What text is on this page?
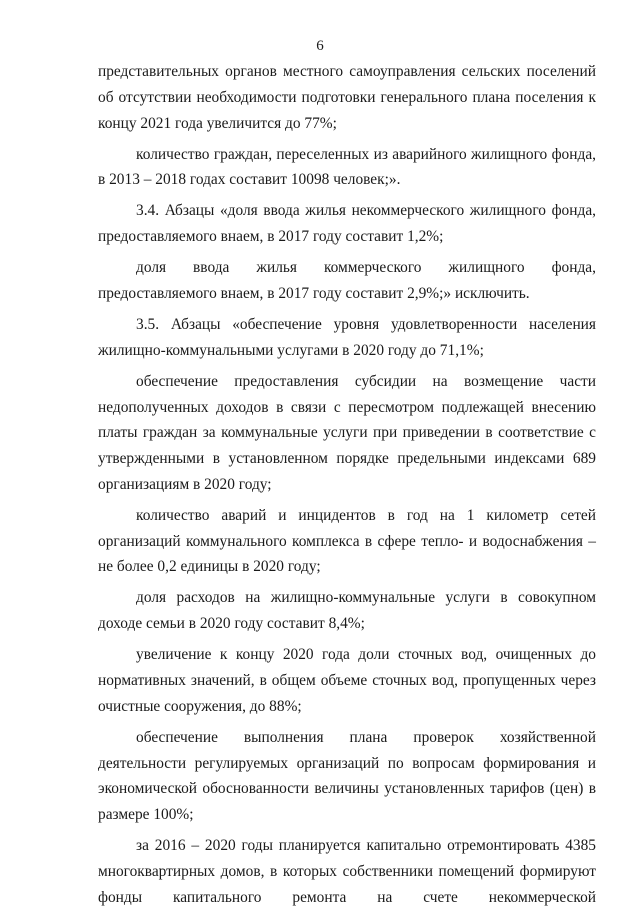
6

представительных органов местного самоуправления сельских поселений об отсутствии необходимости подготовки генерального плана поселения к концу 2021 года увеличится до 77%;

количество граждан, переселенных из аварийного жилищного фонда, в 2013 – 2018 годах составит 10098 человек;».

3.4. Абзацы «доля ввода жилья некоммерческого жилищного фонда, предоставляемого внаем, в 2017 году составит 1,2%;

доля ввода жилья коммерческого жилищного фонда, предоставляемого внаем, в 2017 году составит 2,9%;» исключить.

3.5. Абзацы «обеспечение уровня удовлетворенности населения жилищно-коммунальными услугами в 2020 году до 71,1%;

обеспечение предоставления субсидии на возмещение части недополученных доходов в связи с пересмотром подлежащей внесению платы граждан за коммунальные услуги при приведении в соответствие с утвержденными в установленном порядке предельными индексами 689 организациям в 2020 году;

количество аварий и инцидентов в год на 1 километр сетей организаций коммунального комплекса в сфере тепло- и водоснабжения – не более 0,2 единицы в 2020 году;

доля расходов на жилищно-коммунальные услуги в совокупном доходе семьи в 2020 году составит 8,4%;

увеличение к концу 2020 года доли сточных вод, очищенных до нормативных значений, в общем объеме сточных вод, пропущенных через очистные сооружения, до 88%;

обеспечение выполнения плана проверок хозяйственной деятельности регулируемых организаций по вопросам формирования и экономической обоснованности величины установленных тарифов (цен) в размере 100%;

за 2016 – 2020 годы планируется капитально отремонтировать 4385 многоквартирных домов, в которых собственники помещений формируют фонды капитального ремонта на счете некоммерческой
